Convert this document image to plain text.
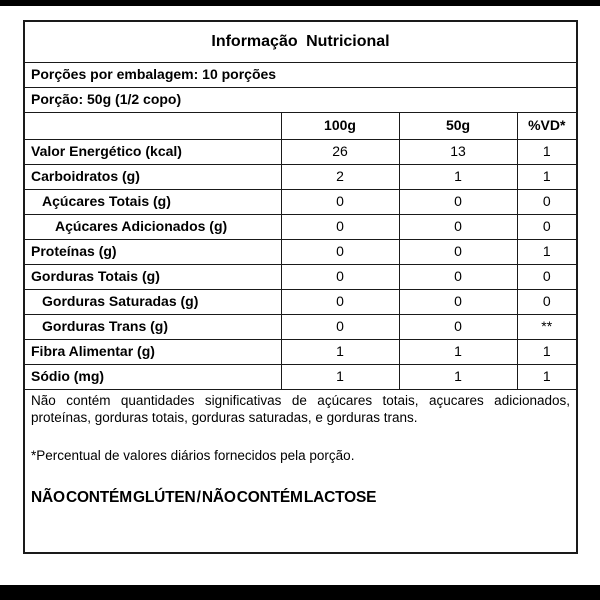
Informação Nutricional			
Porções por embalagem: 10 porções			
Porção: 50g (1/2 copo)			
	100g	50g	%VD*
Valor Energético (kcal)	26	13	1
Carboidratos (g)	2	1	1
Açúcares Totais (g)	0	0	0
Açúcares Adicionados (g)	0	0	0
Proteínas (g)	0	0	1
Gorduras Totais (g)	0	0	0
Gorduras Saturadas (g)	0	0	0
Gorduras Trans (g)	0	0	**
Fibra Alimentar (g)	1	1	1
Sódio (mg)	1	1	1

Não contém quantidades significativas de açúcares totais, açucares adicionados, proteínas, gorduras totais, gorduras saturadas, e gorduras trans.

*Percentual de valores diários fornecidos pela porção.

NÃO CONTÉM GLÚTEN / NÃO CONTÉM LACTOSE			
